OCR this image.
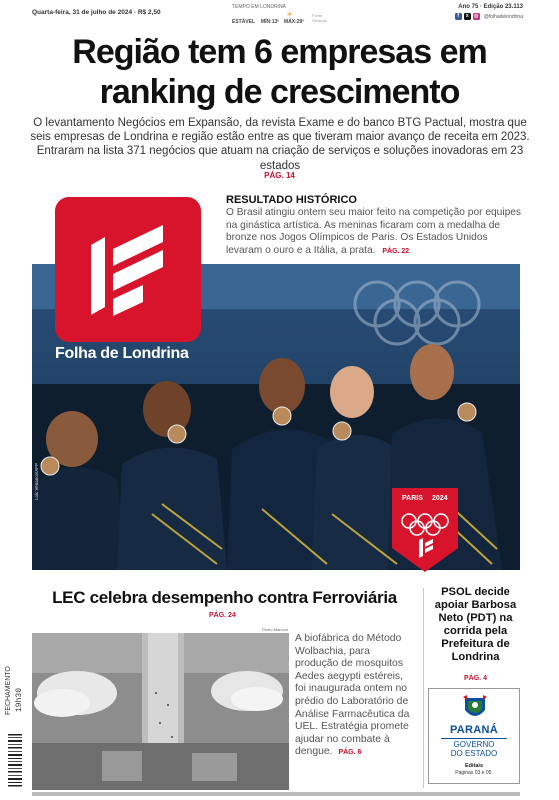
Quarta-feira, 31 de julho de 2024 · R$ 2,50
TEMPO EM LONDRINA
☀
ESTÁVEL MÍN:13º MÁX:29º
Fonte: Simepar
Ano 75 · Edição 23.113
f	x	◎ @folhadelondrina
Região tem 6 empresas em ranking de crescimento

O levantamento Negócios em Expansão, da revista Exame e do banco BTG Pactual, mostra que seis empresas de Londrina e região estão entre as que tiveram maior avanço de receita em 2023. Entraram na lista 371 negócios que atuam na criação de serviços e soluções inovadoras em 23 estados

PÁG. 14
Loic Venance/AFP	PARIS 2024
Folha de Londrina
RESULTADO HISTÓRICO
O Brasil atingiu ontem seu maior feito na competição por equipes na ginástica artística. As meninas ficaram com a medalha de bronze nos Jogos Olímpicos de Paris. Os Estados Unidos levaram o ouro e a Itália, a prata. PÁG. 22
LEC celebra desempenho contra Ferroviária
PÁG. 24
Pedro Marconi
A biofábrica do Método Wolbachia, para produção de mosquitos Aedes aegypti estéreis, foi inaugurada ontem no prédio do Laboratório de Análise Farmacêutica da UEL. Estratégia promete ajudar no combate à dengue. PÁG. 6
PSOL decide apoiar Barbosa Neto (PDT) na corrida pela Prefeitura de Londrina
PÁG. 4
PARANÁ
GOVERNO
DO ESTADO
Editais
Páginas 03 e 05.
FECHAMENTO 19h30
